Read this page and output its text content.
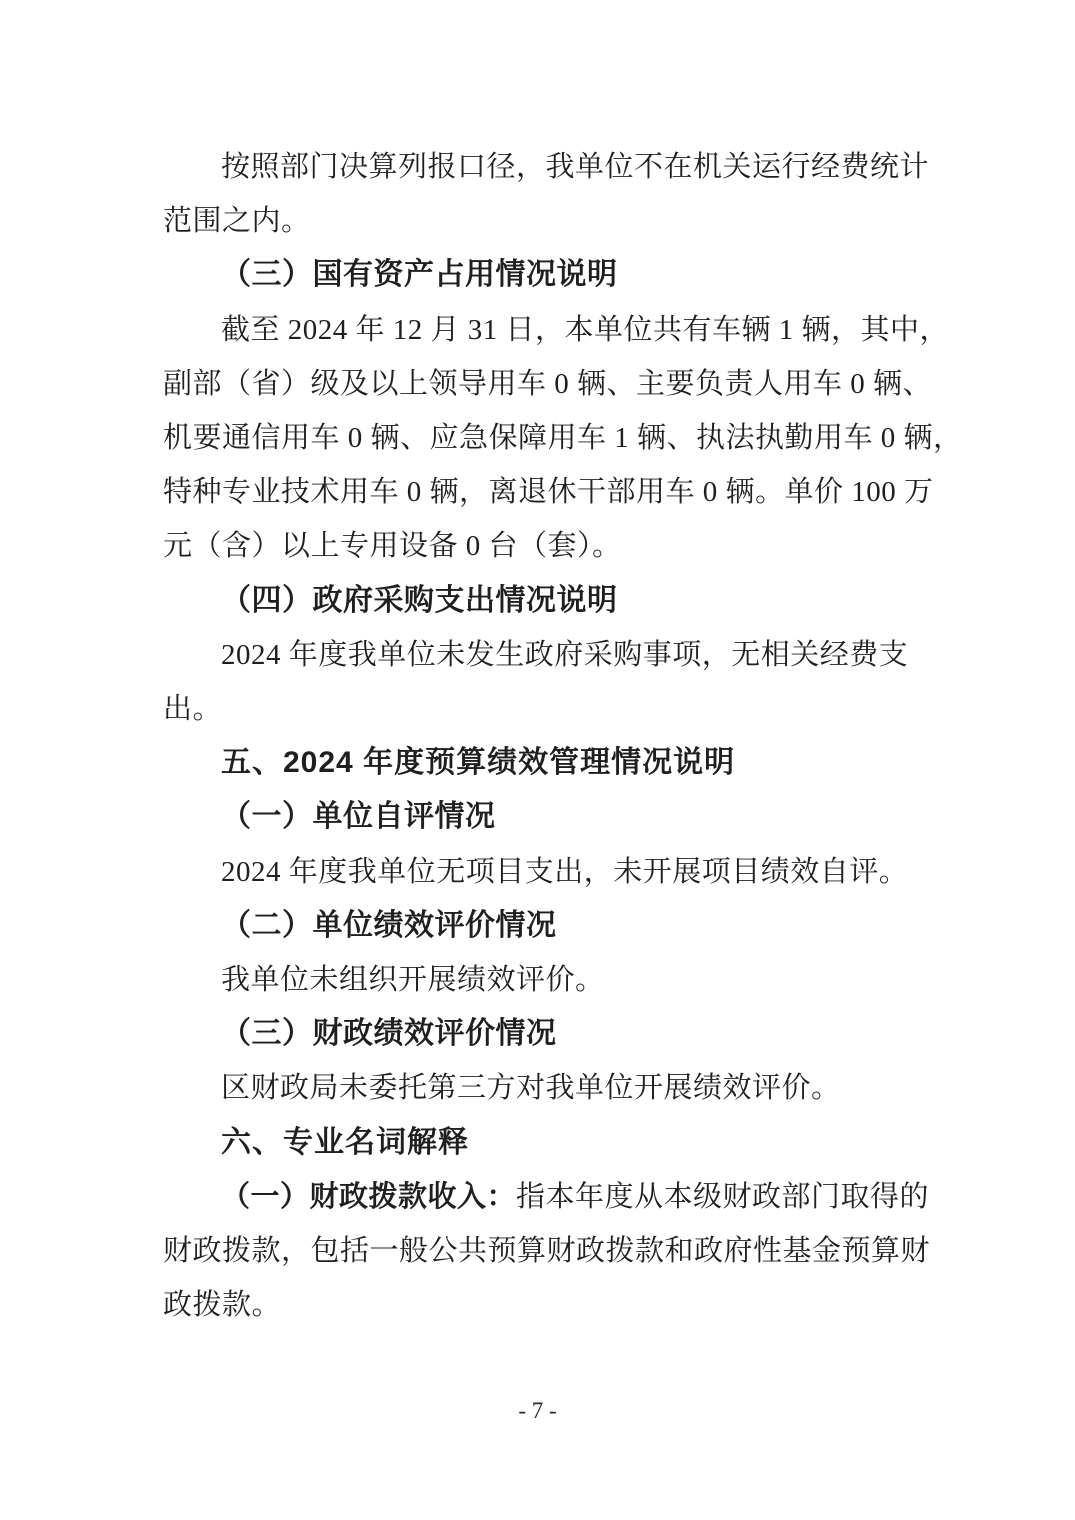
按照部门决算列报口径，我单位不在机关运行经费统计

范围之内。

（三）国有资产占用情况说明

截至 2024 年 12 月 31 日，本单位共有车辆 1 辆，其中，

副部（省）级及以上领导用车 0 辆、主要负责人用车 0 辆、

机要通信用车 0 辆、应急保障用车 1 辆、执法执勤用车 0 辆，

特种专业技术用车 0 辆，离退休干部用车 0 辆。单价 100 万

元（含）以上专用设备 0 台（套）。

（四）政府采购支出情况说明

2024 年度我单位未发生政府采购事项，无相关经费支

出。

五、2024 年度预算绩效管理情况说明
（一）单位自评情况

2024 年度我单位无项目支出，未开展项目绩效自评。

（二）单位绩效评价情况

我单位未组织开展绩效评价。

（三）财政绩效评价情况

区财政局未委托第三方对我单位开展绩效评价。

六、专业名词解释

（一）财政拨款收入：指本年度从本级财政部门取得的

财政拨款，包括一般公共预算财政拨款和政府性基金预算财

政拨款。

- 7 -
